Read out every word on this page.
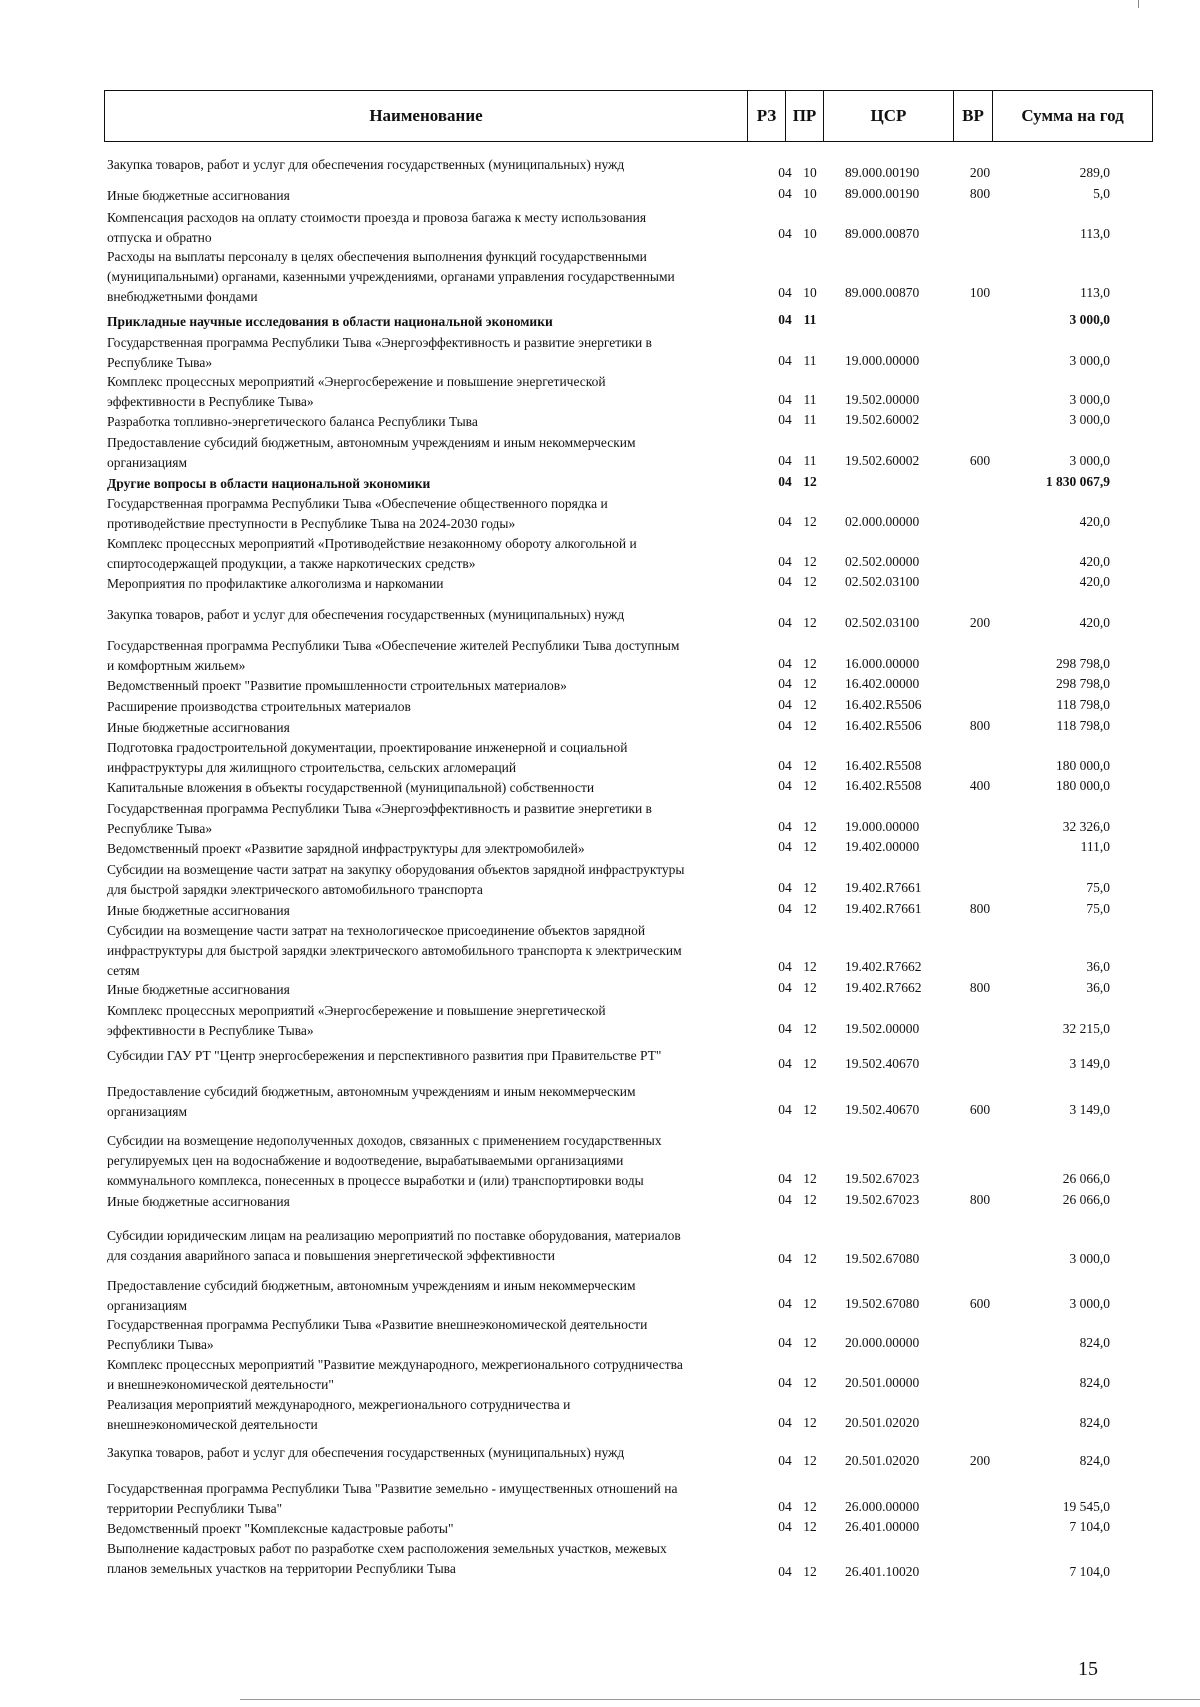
Наименование	РЗ ПР	ЦСР	ВР	Сумма на год
Закупка товаров, работ и услуг для обеспечения государственных (муниципальных) нужд
04 10	89.000.00190	200	289,0
Иные бюджетные ассигнования	04 10	89.000.00190	800	5,0
Компенсация расходов на оплату стоимости проезда и провоза багажа к месту использования
отпуска и обратно	04 10	89.000.00870	113,0
Расходы на выплаты персоналу в целях обеспечения выполнения функций государственными
(муниципальными) органами, казенными учреждениями, органами управления государственными
внебюджетными фондами	04 10	89.000.00870	100	113,0
Прикладные научные исследования в области национальной экономики	04 11	3 000,0
Государственная программа Республики Тыва «Энергоэффективность и развитие энергетики в
Республике Тыва»	04 11	19.000.00000	3 000,0
Комплекс процессных мероприятий «Энергосбережение и повышение энергетической
эффективности в Республике Тыва»	04 11	19.502.00000	3 000,0
Разработка топливно-энергетического баланса Республики Тыва	04 11	19.502.60002	3 000,0
Предоставление субсидий бюджетным, автономным учреждениям и иным некоммерческим
организациям	04 11	19.502.60002	600	3 000,0
Другие вопросы в области национальной экономики	04 12	1 830 067,9
Государственная программа Республики Тыва «Обеспечение общественного порядка и
противодействие преступности в Республике Тыва на 2024-2030 годы»	04 12	02.000.00000	420,0
Комплекс процессных мероприятий «Противодействие незаконному обороту алкогольной и
спиртосодержащей продукции, а также наркотических средств»	04 12	02.502.00000	420,0
Мероприятия по профилактике алкоголизма и наркомании	04 12	02.502.03100	420,0
Закупка товаров, работ и услуг для обеспечения государственных (муниципальных) нужд
04 12	02.502.03100	200	420,0
Государственная программа Республики Тыва «Обеспечение жителей Республики Тыва доступным
и комфортным жильем»	04 12	16.000.00000	298 798,0
Ведомственный проект "Развитие промышленности строительных материалов»	04 12	16.402.00000	298 798,0
Расширение производства строительных материалов	04 12	16.402.R5506	118 798,0
Иные бюджетные ассигнования	04 12	16.402.R5506	800	118 798,0
Подготовка градостроительной документации, проектирование инженерной и социальной
инфраструктуры для жилищного строительства, сельских агломераций	04 12	16.402.R5508	180 000,0
Капитальные вложения в объекты государственной (муниципальной) собственности	04 12	16.402.R5508	400	180 000,0
Государственная программа Республики Тыва «Энергоэффективность и развитие энергетики в
Республике Тыва»	04 12	19.000.00000	32 326,0
Ведомственный проект «Развитие зарядной инфраструктуры для электромобилей»	04 12	19.402.00000	111,0
Субсидии на возмещение части затрат на закупку оборудования объектов зарядной инфраструктуры
для быстрой зарядки электрического автомобильного транспорта	04 12	19.402.R7661	75,0
Иные бюджетные ассигнования	04 12	19.402.R7661	800	75,0
Субсидии на возмещение части затрат на технологическое присоединение объектов зарядной
инфраструктуры для быстрой зарядки электрического автомобильного транспорта к электрическим
сетям	04 12	19.402.R7662	36,0
Иные бюджетные ассигнования	04 12	19.402.R7662	800	36,0
Комплекс процессных мероприятий «Энергосбережение и повышение энергетической
эффективности в Республике Тыва»	04 12	19.502.00000	32 215,0
Субсидии ГАУ РТ "Центр энергосбережения и перспективного развития при Правительстве РТ"
04 12	19.502.40670	3 149,0
Предоставление субсидий бюджетным, автономным учреждениям и иным некоммерческим
организациям	04 12	19.502.40670	600	3 149,0
Субсидии на возмещение недополученных доходов, связанных с применением государственных
регулируемых цен на водоснабжение и водоотведение, вырабатываемыми организациями
коммунального комплекса, понесенных в процессе выработки и (или) транспортировки воды	04 12	19.502.67023	26 066,0
Иные бюджетные ассигнования	04 12	19.502.67023	800	26 066,0
Субсидии юридическим лицам на реализацию мероприятий по поставке оборудования, материалов
для создания аварийного запаса и повышения энергетической эффективности	04 12	19.502.67080	3 000,0
Предоставление субсидий бюджетным, автономным учреждениям и иным некоммерческим
организациям	04 12	19.502.67080	600	3 000,0
Государственная программа Республики Тыва «Развитие внешнеэкономической деятельности
Республики Тыва»	04 12	20.000.00000	824,0
Комплекс процессных мероприятий "Развитие международного, межрегионального сотрудничества
и внешнеэкономической деятельности"	04 12	20.501.00000	824,0
Реализация мероприятий международного, межрегионального сотрудничества и
внешнеэкономической деятельности	04 12	20.501.02020	824,0
Закупка товаров, работ и услуг для обеспечения государственных (муниципальных) нужд
04 12	20.501.02020	200	824,0
Государственная программа Республики Тыва "Развитие земельно - имущественных отношений на
территории Республики Тыва"	04 12	26.000.00000	19 545,0
Ведомственный проект "Комплексные кадастровые работы"	04 12	26.401.00000	7 104,0
Выполнение кадастровых работ по разработке схем расположения земельных участков, межевых
планов земельных участков на территории Республики Тыва	04 12	26.401.10020	7 104,0
15
